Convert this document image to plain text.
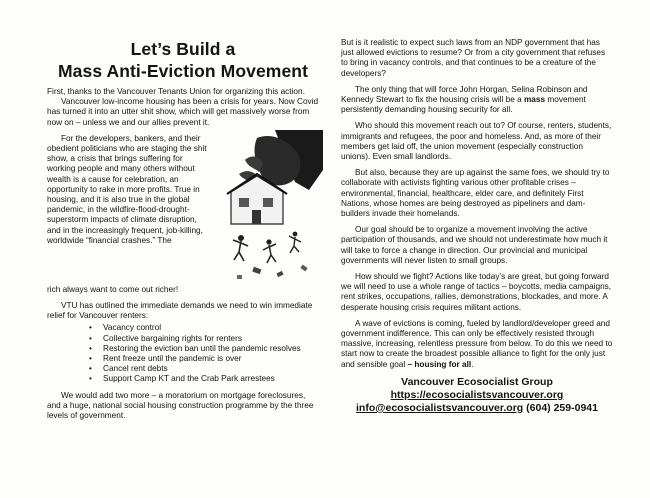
Let’s Build a
Mass Anti-Eviction Movement

First, thanks to the Vancouver Tenants Union for organizing this action.

Vancouver low-income housing has been a crisis for years. Now Covid has turned it into an utter shit show, which will get massively worse from now on – unless we and our allies prevent it.

For the developers, bankers, and their obedient politicians who are staging the shit show, a crisis that brings suffering for working people and many others without wealth is a cause for celebration, an opportunity to rake in more profits. True in housing, and it is also true in the global pandemic, in the wildfire-flood-drought-superstorm impacts of climate disruption, and in the increasingly frequent, job-killing, worldwide “financial crashes.” The

rich always want to come out richer!

VTU has outlined the immediate demands we need to win immediate relief for Vancouver renters:

• Vacancy control
• Collective bargaining rights for renters
• Restoring the eviction ban until the pandemic resolves
• Rent freeze until the pandemic is over
• Cancel rent debts
• Support Camp KT and the Crab Park arrestees

We would add two more – a moratorium on mortgage foreclosures, and a huge, national social housing construction programme by the three levels of government.

But is it realistic to expect such laws from an NDP government that has just allowed evictions to resume? Or from a city government that refuses to bring in vacancy controls, and that continues to be a creature of the developers?

The only thing that will force John Horgan, Selina Robinson and Kennedy Stewart to fix the housing crisis will be a mass movement persistently demanding housing security for all.

Who should this movement reach out to? Of course, renters, students, immigrants and refugees, the poor and homeless. And, as more of their members get laid off, the union movement (especially construction unions). Even small landlords.

But also, because they are up against the same foes, we should try to collaborate with activists fighting various other profitable crises – environmental, financial, healthcare, elder care, and definitely First Nations, whose homes are being destroyed as pipeliners and dam-builders invade their homelands.

Our goal should be to organize a movement involving the active participation of thousands, and we should not underestimate how much it will take to force a change in direction. Our provincial and municipal governments will never listen to small groups.

How should we fight? Actions like today’s are great, but going forward we will need to use a whole range of tactics – boycotts, media campaigns, rent strikes, occupations, rallies, demonstrations, blockades, and more. A desperate housing crisis requires militant actions.

A wave of evictions is coming, fueled by landlord/developer greed and government indifference. This can only be effectively resisted through massive, increasing, relentless pressure from below. To do this we need to start now to create the broadest possible alliance to fight for the only just and sensible goal – housing for all.

Vancouver Ecosocialist Group
https://ecosocialistsvancouver.org
info@ecosocialistsvancouver.org (604) 259-0941
